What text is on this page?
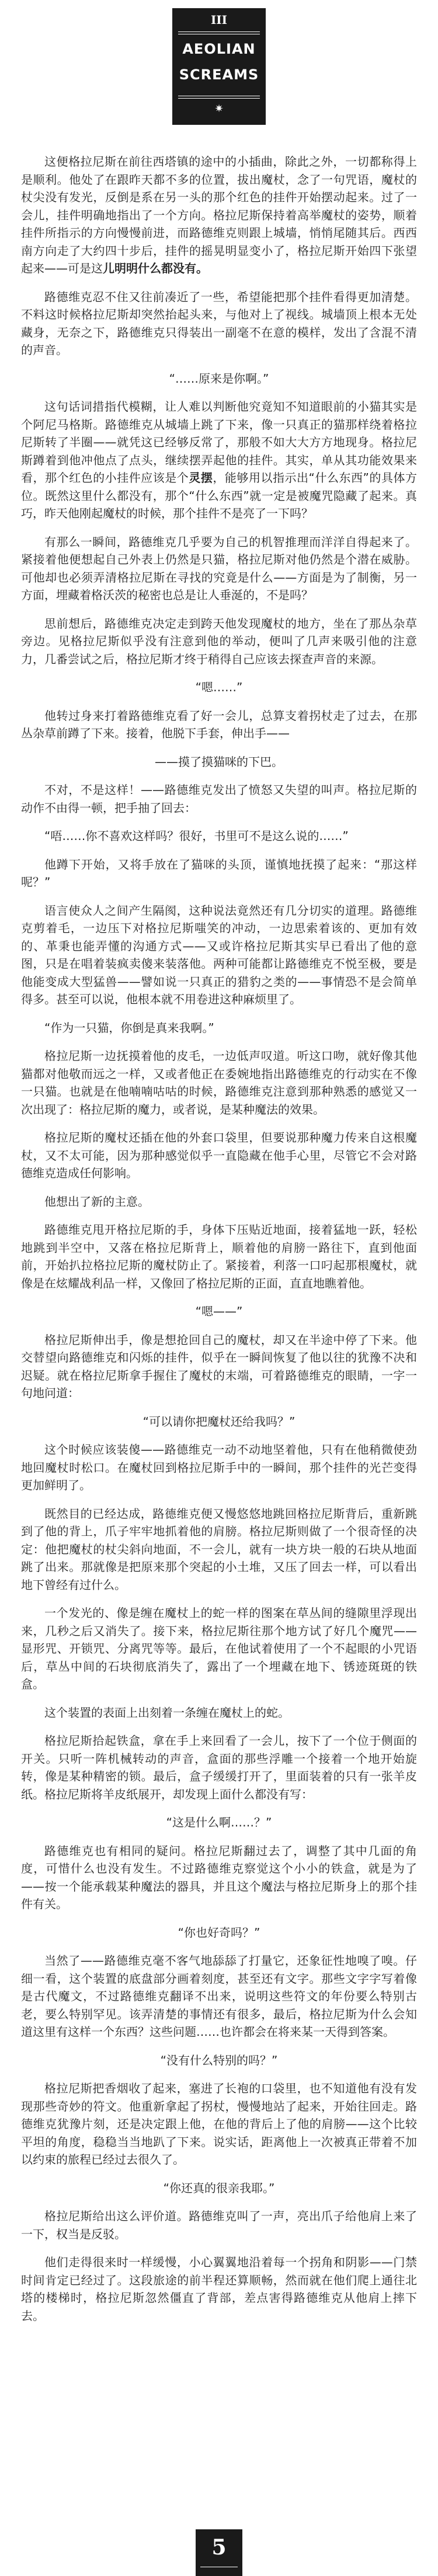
III
AEOLIAN
SCREAMS
✷

这便格拉尼斯在前往西塔镇的途中的小插曲，除此之外，一切都称得上是顺利。他处了在跟昨天都不多的位置，拔出魔杖，念了一句咒语，魔杖的杖尖没有发光，反倒是系在另一头的那个红色的挂件开始摆动起来。过了一会儿，挂件明确地指出了一个方向。格拉尼斯保持着高举魔杖的姿势，顺着挂件所指示的方向慢慢前进，而路德维克则跟上城墙，悄悄尾随其后。西西南方向走了大约四十步后，挂件的摇晃明显变小了，格拉尼斯开始四下张望起来——可是这儿明明什么都没有。

路德维克忍不住又往前凑近了一些，希望能把那个挂件看得更加清楚。不料这时候格拉尼斯却突然抬起头来，与他对上了视线。城墙顶上根本无处藏身，无奈之下，路德维克只得装出一副毫不在意的模样，发出了含混不清的声音。

“……原来是你啊。”

这句话词措指代模糊，让人难以判断他究竟知不知道眼前的小猫其实是个阿尼马格斯。路德维克从城墙上跳了下来，像一只真正的猫那样绕着格拉尼斯转了半圈——就凭这已经够反常了，那般不如大大方方地现身。格拉尼斯蹲着到他冲他点了点头，继续摆弄起他的挂件。其实，单从其功能效果来看，那个红色的小挂件应该是个灵摆，能够用以指示出“什么东西”的具体方位。既然这里什么都没有，那个“什么东西”就一定是被魔咒隐藏了起来。真巧，昨天他刚起魔杖的时候，那个挂件不是亮了一下吗？

有那么一瞬间，路德维克几乎要为自己的机智推理而洋洋自得起来了。紧接着他便想起自己外表上仍然是只猫，格拉尼斯对他仍然是个潜在威胁。可他却也必须弄清格拉尼斯在寻找的究竟是什么——方面是为了制衡，另一方面，埋藏着格沃茨的秘密也总是让人垂涎的，不是吗？

思前想后，路德维克决定走到跨天他发现魔杖的地方，坐在了那丛杂草旁边。见格拉尼斯似乎没有注意到他的举动，便叫了几声来吸引他的注意力，几番尝试之后，格拉尼斯才终于稍得自己应该去探查声音的来源。

“嗯……”

他转过身来打着路德维克看了好一会儿，总算支着拐杖走了过去，在那丛杂草前蹲了下来。接着，他脱下手套，伸出手——

——摸了摸猫咪的下巴。

不对，不是这样！——路德维克发出了愤怒又失望的叫声。格拉尼斯的动作不由得一顿，把手抽了回去：

“唔……你不喜欢这样吗？很好，书里可不是这么说的……”

他蹲下开始，又将手放在了猫咪的头顶，谨慎地抚摸了起来：“那这样呢？”

语言使众人之间产生隔阂，这种说法竟然还有几分切实的道理。路德维克剪着毛，一边压下对格拉尼斯嗤笑的冲动，一边思索着该的、更加有效的、革秉也能弄懂的沟通方式——又或许格拉尼斯其实早已看出了他的意图，只是在唱着装疯卖傻来装落他。两种可能都让路德维克不悦至极，要是他能变成大型猛兽——譬如说一只真正的猎豹之类的——事情恐不是会简单得多。甚至可以说，他根本就不用卷进这种麻烦里了。

“作为一只猫，你倒是真来我啊。”

格拉尼斯一边抚摸着他的皮毛，一边低声叹道。听这口吻，就好像其他猫都对他敬而远之一样，又或者他正在委婉地指出路德维克的行动实在不像一只猫。也就是在他喃喃咕咕的时候，路德维克注意到那种熟悉的感觉又一次出现了：格拉尼斯的魔力，或者说，是某种魔法的效果。

格拉尼斯的魔杖还插在他的外套口袋里，但要说那种魔力传来自这根魔杖，又不太可能，因为那种感觉似乎一直隐藏在他手心里，尽管它不会对路德维克造成任何影响。

他想出了新的主意。

路德维克甩开格拉尼斯的手，身体下压贴近地面，接着猛地一跃，轻松地跳到半空中，又落在格拉尼斯背上，顺着他的肩膀一路往下，直到他面前，开始扒拉格拉尼斯的魔杖防止了。紧接着，利落一口叼起那根魔杖，就像是在炫耀战利品一样，又像回了格拉尼斯的正面，直直地瞧着他。

“嗯——”

格拉尼斯伸出手，像是想抢回自己的魔杖，却又在半途中停了下来。他交替望向路德维克和闪烁的挂件，似乎在一瞬间恢复了他以往的犹豫不决和迟疑。就在格拉尼斯拿手握住了魔杖的末端，可着路德维克的眼睛，一字一句地问道：

“可以请你把魔杖还给我吗？”

这个时候应该装傻——路德维克一动不动地坚着他，只有在他稍微使劲地回魔杖时松口。在魔杖回到格拉尼斯手中的一瞬间，那个挂件的光芒变得更加鲜明了。

既然目的已经达成，路德维克便又慢悠悠地跳回格拉尼斯背后，重新跳到了他的背上，爪子牢牢地抓着他的肩膀。格拉尼斯则做了一个很奇怪的决定：他把魔杖的杖尖斜向地面，不一会儿，就有一块方块一般的石块从地面跳了出来。那就像是把原来那个突起的小土堆，又压了回去一样，可以看出地下曾经有过什么。

一个发光的、像是缠在魔杖上的蛇一样的图案在草丛间的缝隙里浮现出来，几秒之后又消失了。接下来，格拉尼斯往那个地方试了好几个魔咒——显形咒、开锁咒、分离咒等等。最后，在他试着使用了一个不起眼的小咒语后，草丛中间的石块彻底消失了，露出了一个埋藏在地下、锈迹斑斑的铁盒。

这个装置的表面上出刻着一条缠在魔杖上的蛇。

格拉尼斯拾起铁盒，拿在手上来回看了一会儿，按下了一个位于侧面的开关。只听一阵机械转动的声音，盒面的那些浮雕一个接着一个地开始旋转，像是某种精密的锁。最后，盒子缓缓打开了，里面装着的只有一张羊皮纸。格拉尼斯将羊皮纸展开，却发现上面什么都没有写：

“这是什么啊……？”

路德维克也有相同的疑问。格拉尼斯翻过去了，调整了其中几面的角度，可惜什么也没有发生。不过路德维克察觉这个小小的铁盒，就是为了——按一个能承载某种魔法的器具，并且这个魔法与格拉尼斯身上的那个挂件有关。

“你也好奇吗？”

当然了——路德维克毫不客气地舔舔了打量它，还象征性地嗅了嗅。仔细一看，这个装置的底盘部分画着刻度，甚至还有文字。那些文字字写着像是古代魔文，不过路德维克翻译不出来，说明这些符文的年份要么特别古老，要么特别罕见。该弄清楚的事情还有很多，最后，格拉尼斯为什么会知道这里有这样一个东西？这些问题……也许都会在将来某一天得到答案。

“没有什么特别的吗？”

格拉尼斯把香烟收了起来，塞进了长袍的口袋里，也不知道他有没有发现那些奇妙的符文。他重新拿起了拐杖，慢慢地站了起来，开始往回走。路德维克犹豫片刻，还是决定跟上他，在他的背后上了他的肩膀——这个比较平坦的角度，稳稳当当地趴了下来。说实话，距离他上一次被真正带着不加以约束的旅程已经过去很久了。

“你还真的很亲我耶。”

格拉尼斯给出这么评价道。路德维克叫了一声，亮出爪子给他肩上来了一下，权当是反驳。

他们走得很来时一样缓慢，小心翼翼地沿着每一个拐角和阴影——门禁时间肯定已经过了。这段旅途的前半程还算顺畅，然而就在他们爬上通往北塔的楼梯时，格拉尼斯忽然僵直了背部，差点害得路德维克从他肩上摔下去。

5
